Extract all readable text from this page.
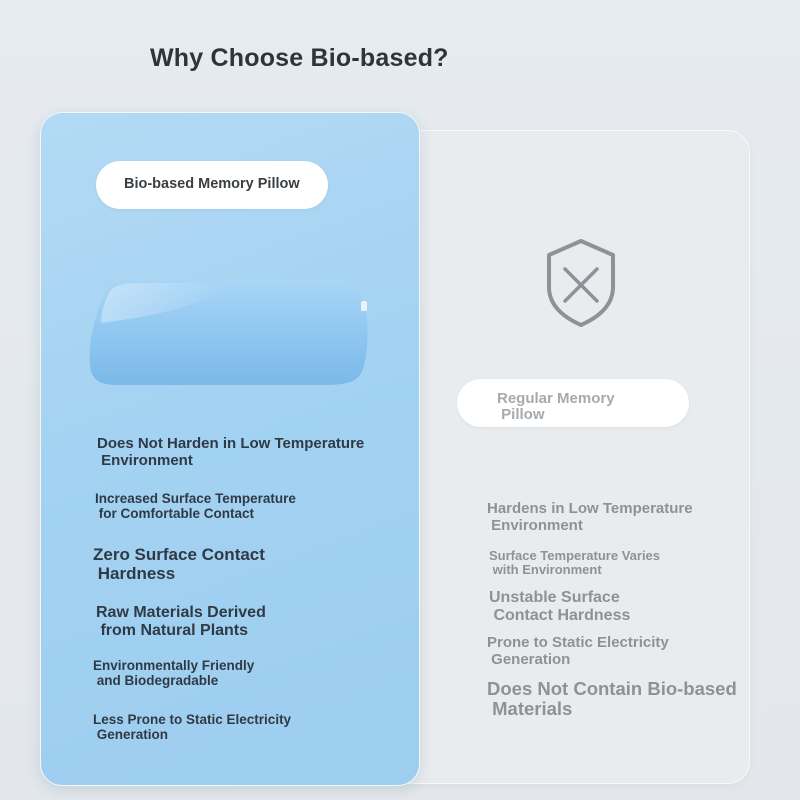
Why Choose Bio-based?
Regular Memory
Pillow
Hardens in Low Temperature
Environment
Surface Temperature Varies
with Environment
Unstable Surface
Contact Hardness
Prone to Static Electricity
Generation
Does Not Contain Bio-based
Materials
Bio-based Memory Pillow
Does Not Harden in Low Temperature
Environment
Increased Surface Temperature
for Comfortable Contact
Zero Surface Contact
Hardness
Raw Materials Derived
from Natural Plants
Environmentally Friendly
and Biodegradable
Less Prone to Static Electricity
Generation
